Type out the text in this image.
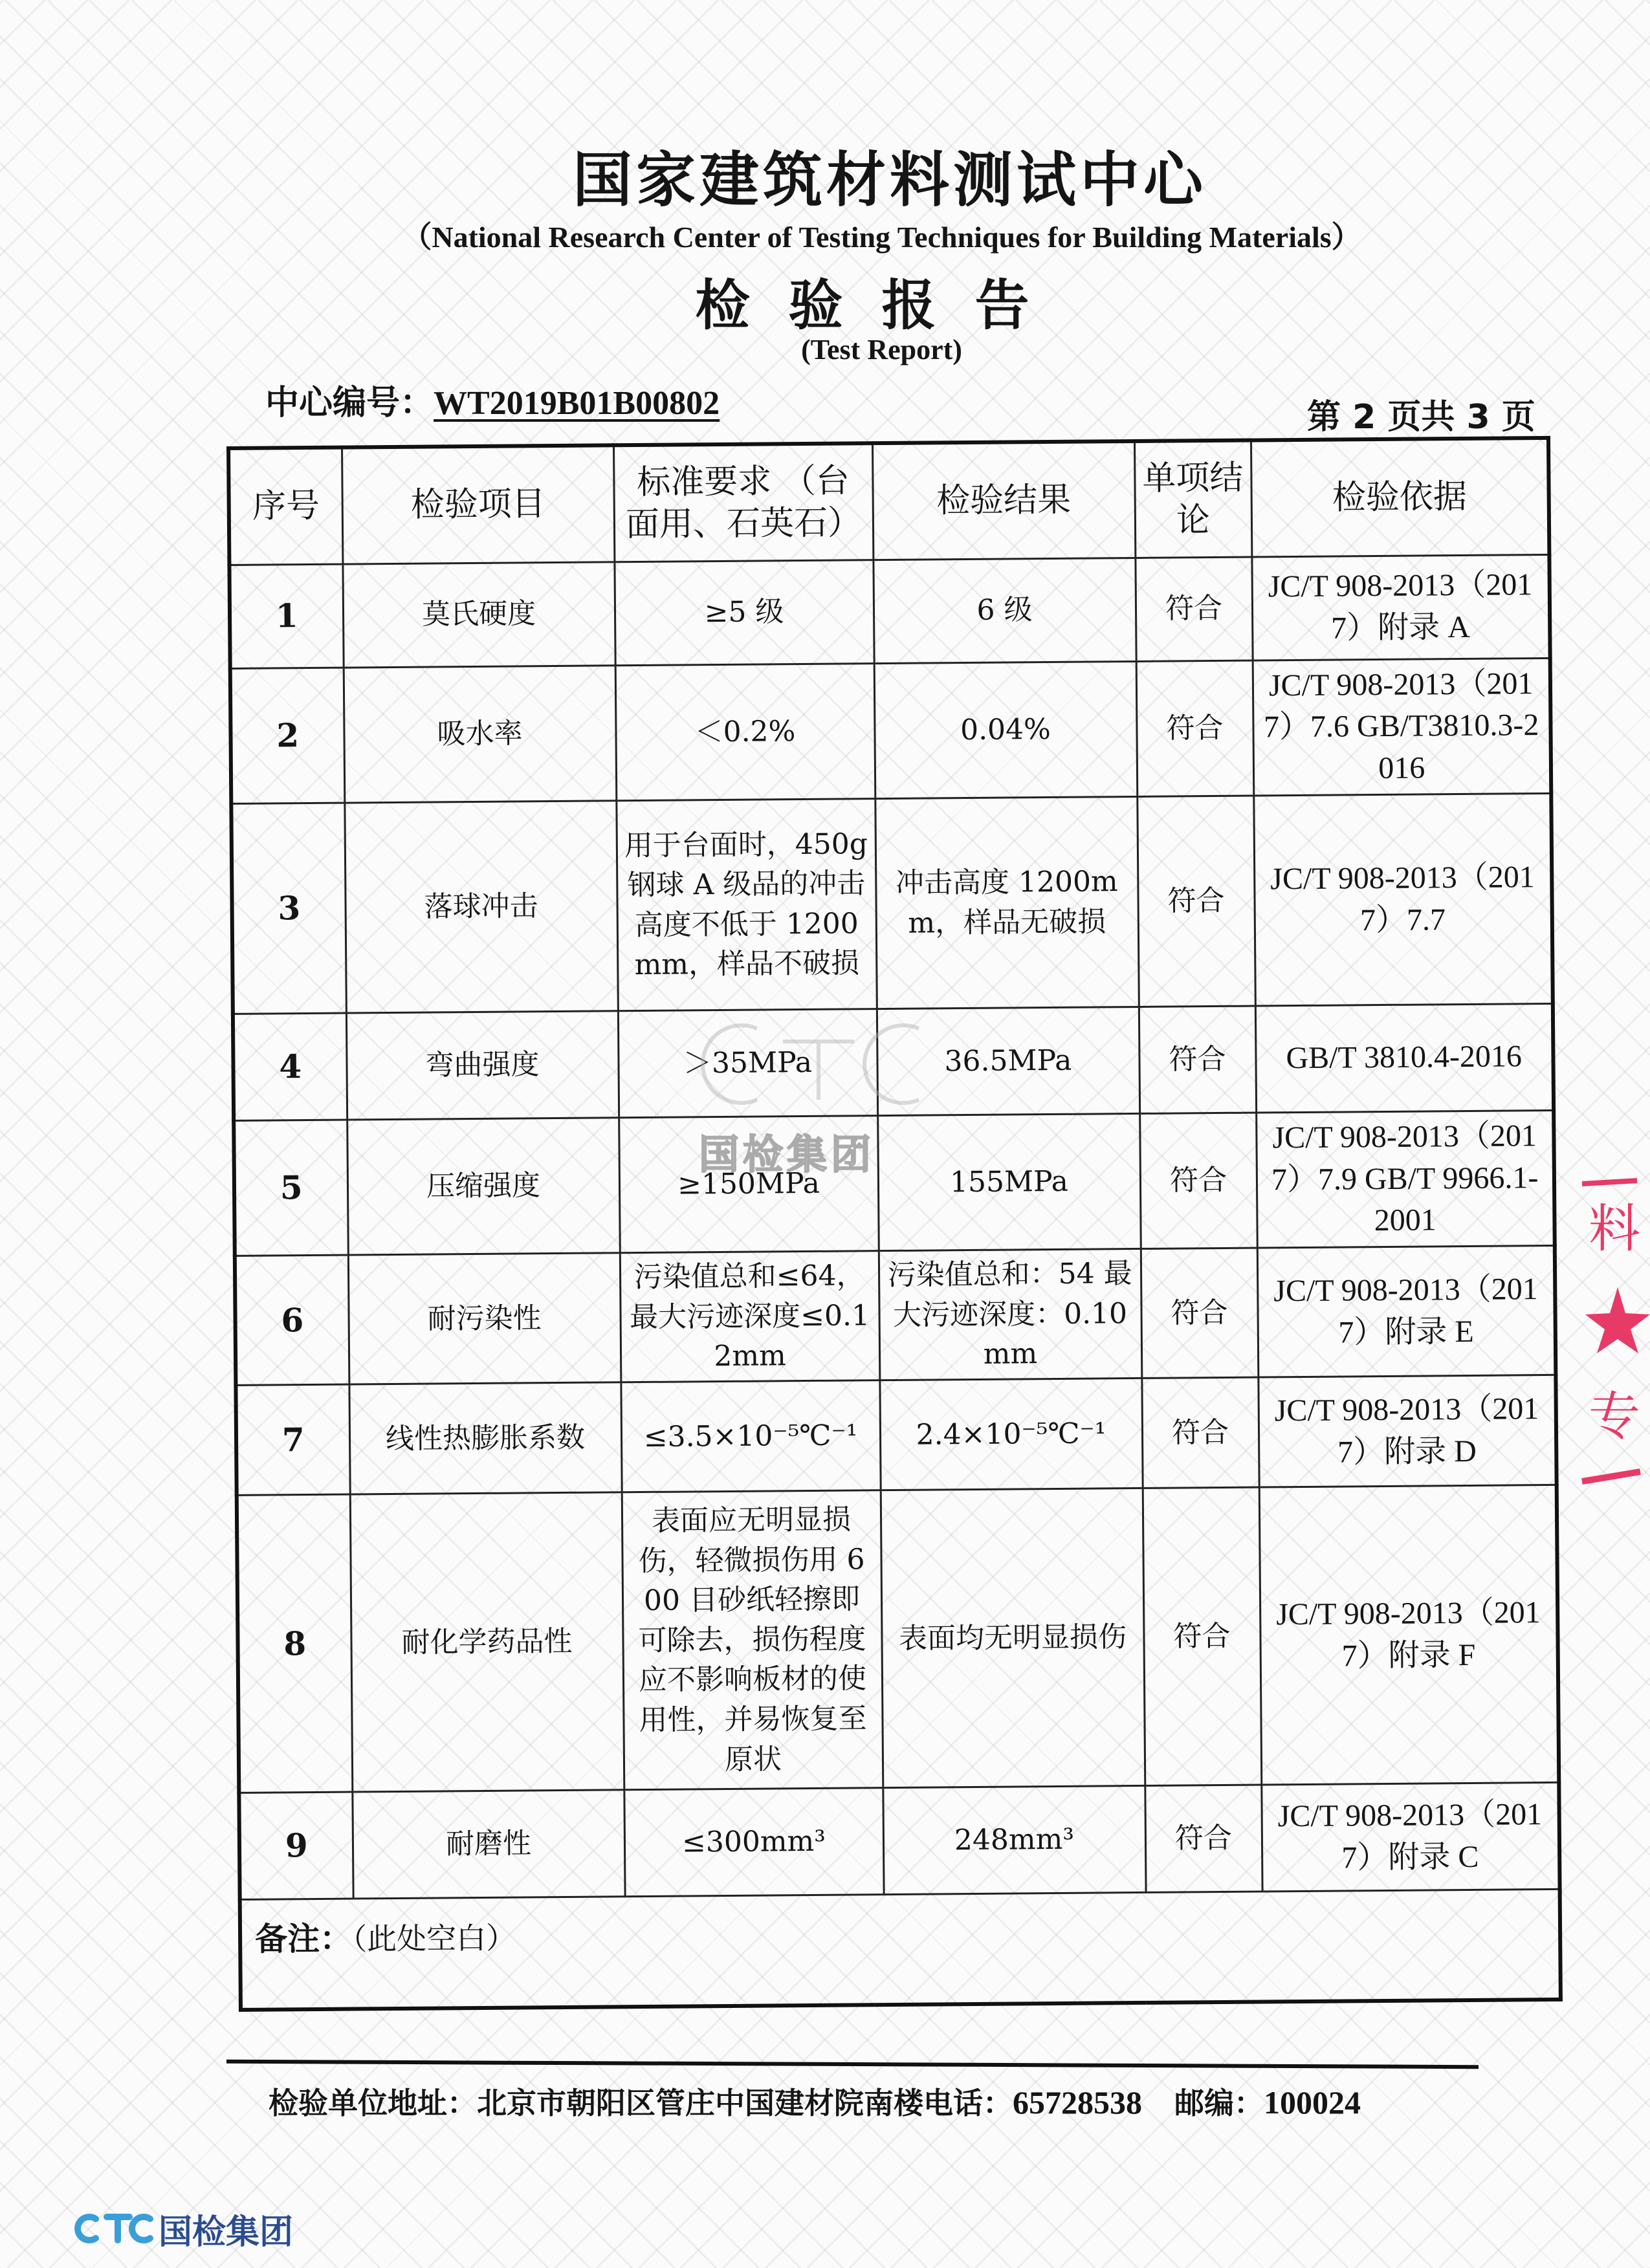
国家建筑材料测试中心
（National Research Center of Testing Techniques for Building Materials）
检验报告
(Test Report)
中心编号：WT2019B01B00802	第 2 页共 3 页
序号	检验项目	标准要求 （台面用、石英石）	检验结果	单项结论	检验依据
1	莫氏硬度	≥5 级	6 级	符合	JC/T 908-2013（2017）附录 A
2	吸水率	＜0.2%	0.04%	符合	JC/T 908-2013（2017）7.6 GB/T3810.3-2016
3	落球冲击	用于台面时，450g 钢球 A 级品的冲击高度不低于 1200mm，样品不破损	冲击高度 1200mm，样品无破损	符合	JC/T 908-2013（2017）7.7
4	弯曲强度	＞35MPa	36.5MPa	符合	GB/T 3810.4-2016
5	压缩强度	≥150MPa	155MPa	符合	JC/T 908-2013（2017）7.9 GB/T 9966.1-2001
6	耐污染性	污染值总和≤64，最大污迹深度≤0.12mm	污染值总和：54 最大污迹深度：0.10mm	符合	JC/T 908-2013（2017）附录 E
7	线性热膨胀系数	≤3.5×10⁻⁵℃⁻¹	2.4×10⁻⁵℃⁻¹	符合	JC/T 908-2013（2017）附录 D
8	耐化学药品性	表面应无明显损伤，轻微损伤用 600 目砂纸轻擦即可除去，损伤程度应不影响板材的使用性，并易恢复至原状	表面均无明显损伤	符合	JC/T 908-2013（2017）附录 F
9	耐磨性	≤300mm³	248mm³	符合	JC/T 908-2013（2017）附录 C
备注：（此处空白）					
国检集团
检验单位地址：北京市朝阳区管庄中国建材院南楼电话：65728538 邮编：100024
料
专
国检集团
